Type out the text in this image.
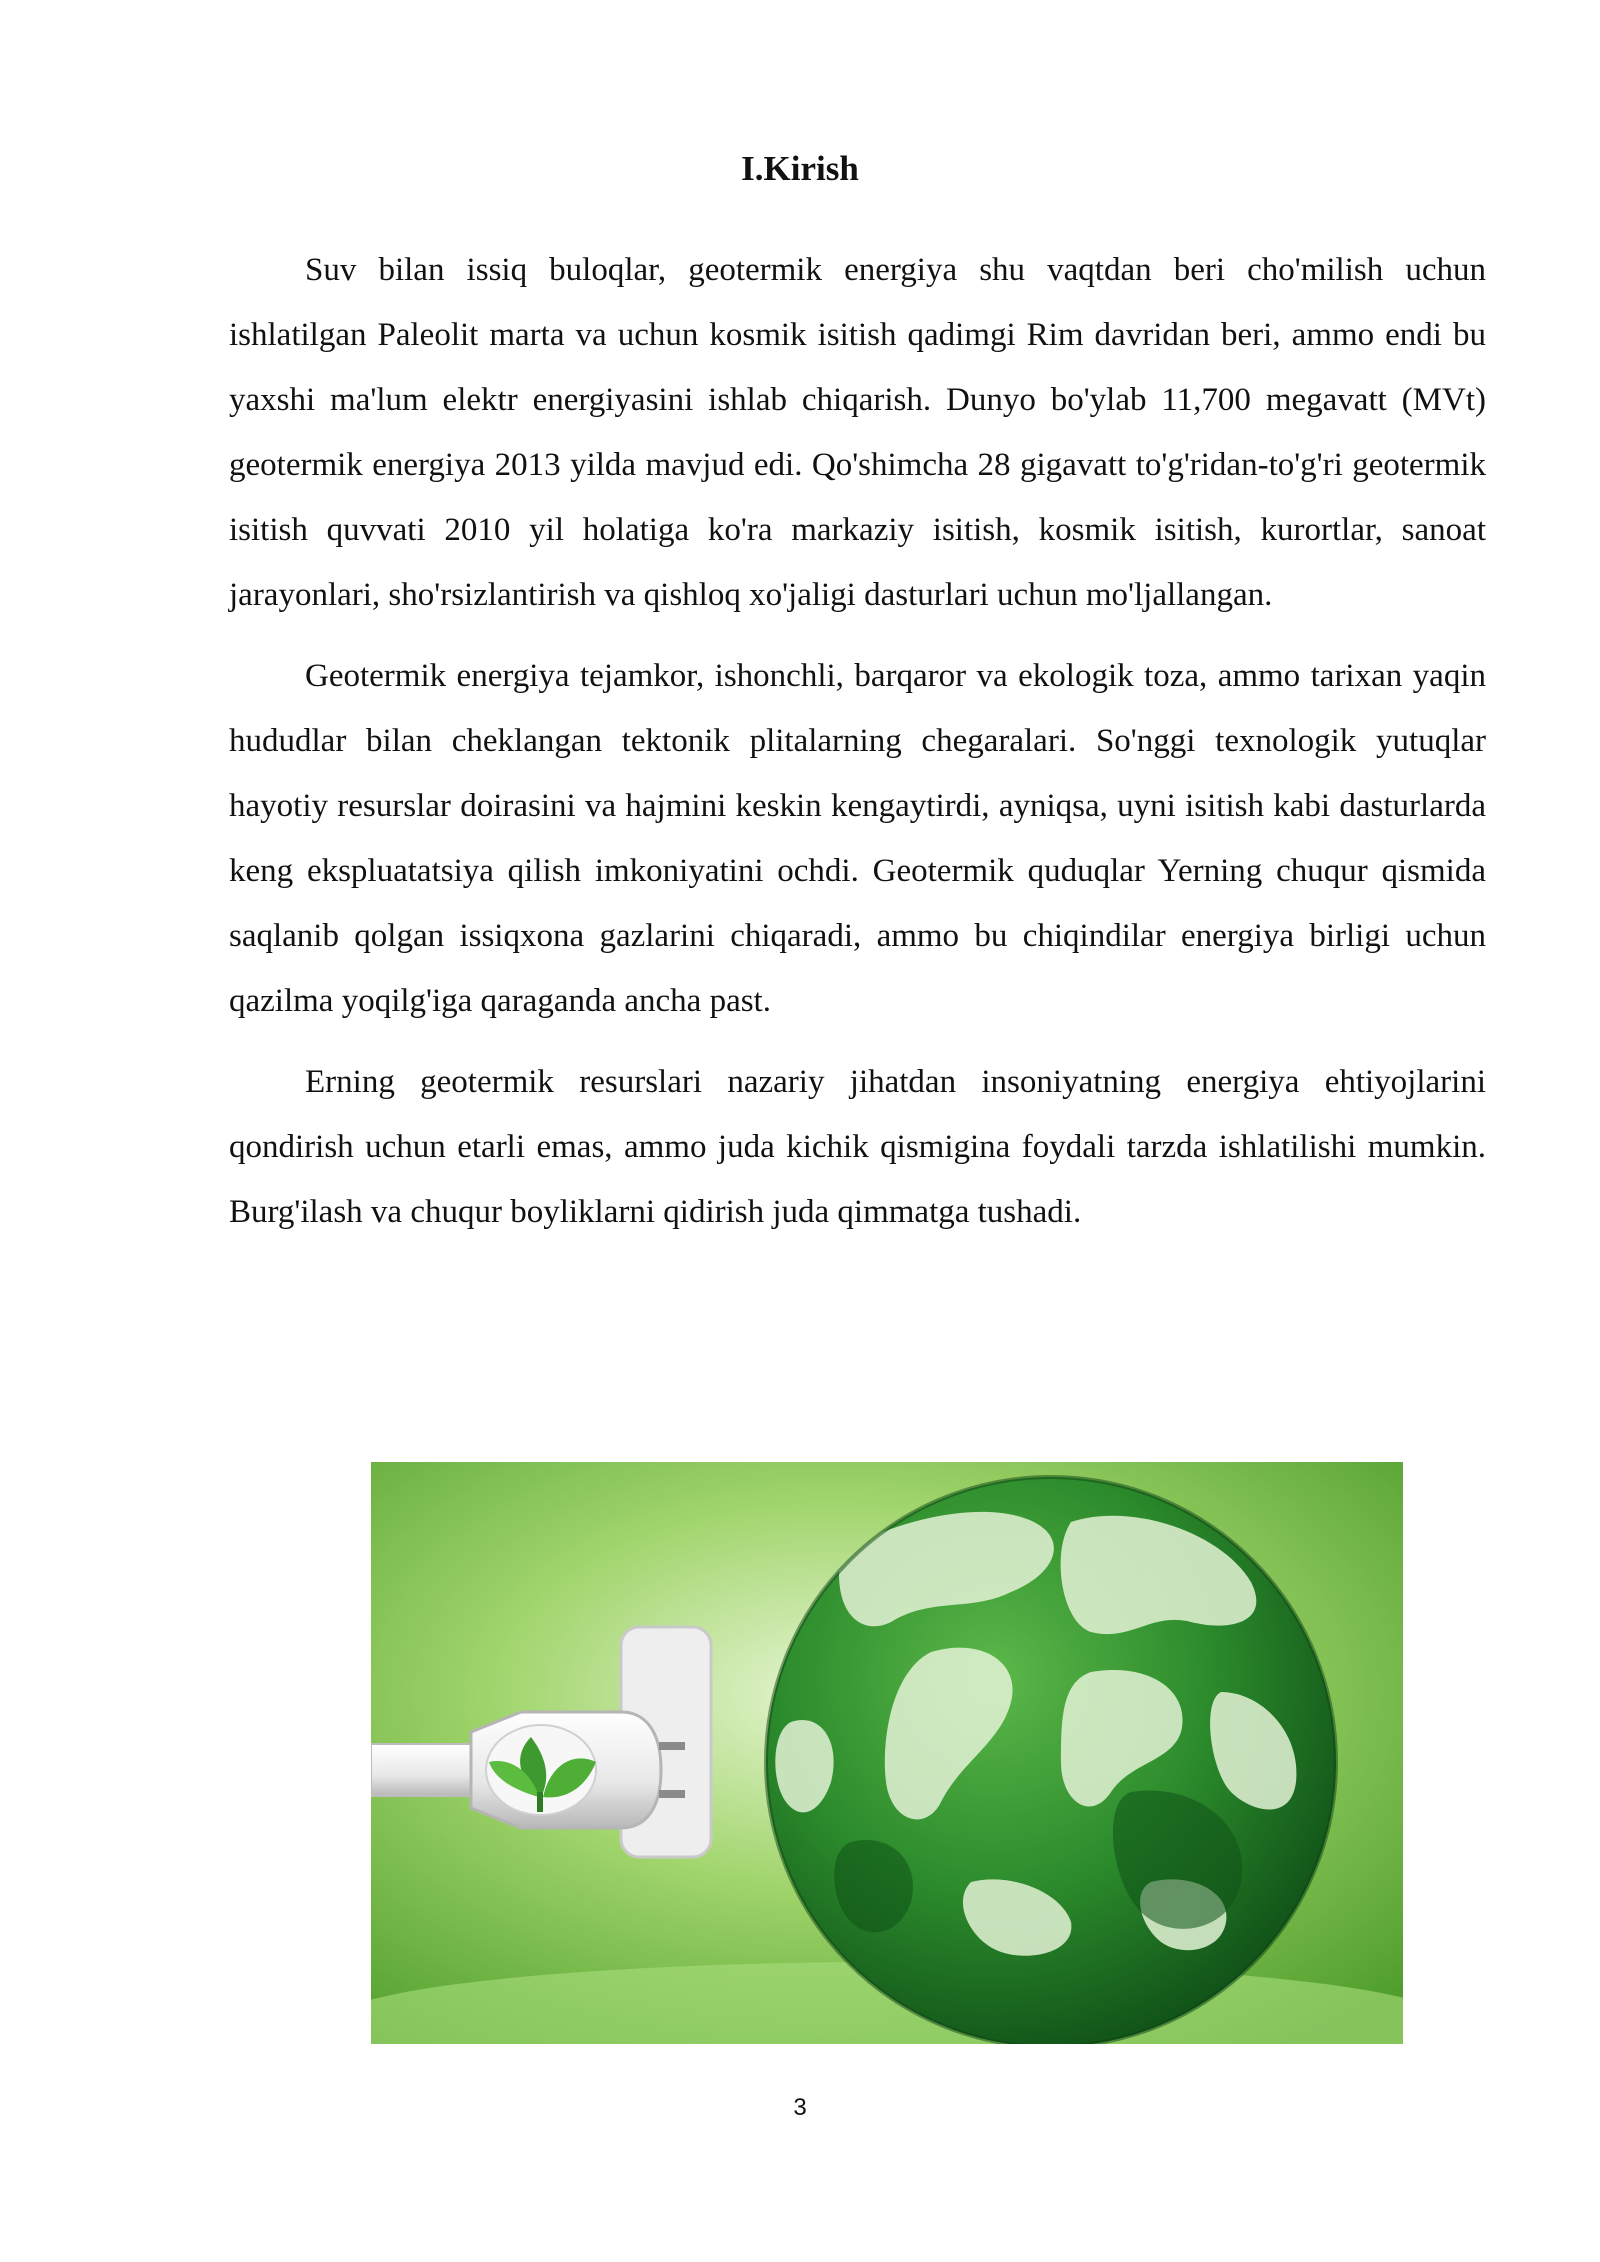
I.Kirish

Suv bilan issiq buloqlar, geotermik energiya shu vaqtdan beri cho'milish uchun ishlatilgan Paleolit marta va uchun kosmik isitish qadimgi Rim davridan beri, ammo endi bu yaxshi ma'lum elektr energiyasini ishlab chiqarish. Dunyo bo'ylab 11,700 megavatt (MVt) geotermik energiya 2013 yilda mavjud edi. Qo'shimcha 28 gigavatt to'g'ridan-to'g'ri geotermik isitish quvvati 2010 yil holatiga ko'ra markaziy isitish, kosmik isitish, kurortlar, sanoat jarayonlari, sho'rsizlantirish va qishloq xo'jaligi dasturlari uchun mo'ljallangan.

Geotermik energiya tejamkor, ishonchli, barqaror va ekologik toza, ammo tarixan yaqin hududlar bilan cheklangan tektonik plitalarning chegaralari. So'nggi texnologik yutuqlar hayotiy resurslar doirasini va hajmini keskin kengaytirdi, ayniqsa, uyni isitish kabi dasturlarda keng ekspluatatsiya qilish imkoniyatini ochdi. Geotermik quduqlar Yerning chuqur qismida saqlanib qolgan issiqxona gazlarini chiqaradi, ammo bu chiqindilar energiya birligi uchun qazilma yoqilg'iga qaraganda ancha past.

Erning geotermik resurslari nazariy jihatdan insoniyatning energiya ehtiyojlarini qondirish uchun etarli emas, ammo juda kichik qismigina foydali tarzda ishlatilishi mumkin. Burg'ilash va chuqur boyliklarni qidirish juda qimmatga tushadi.

3
